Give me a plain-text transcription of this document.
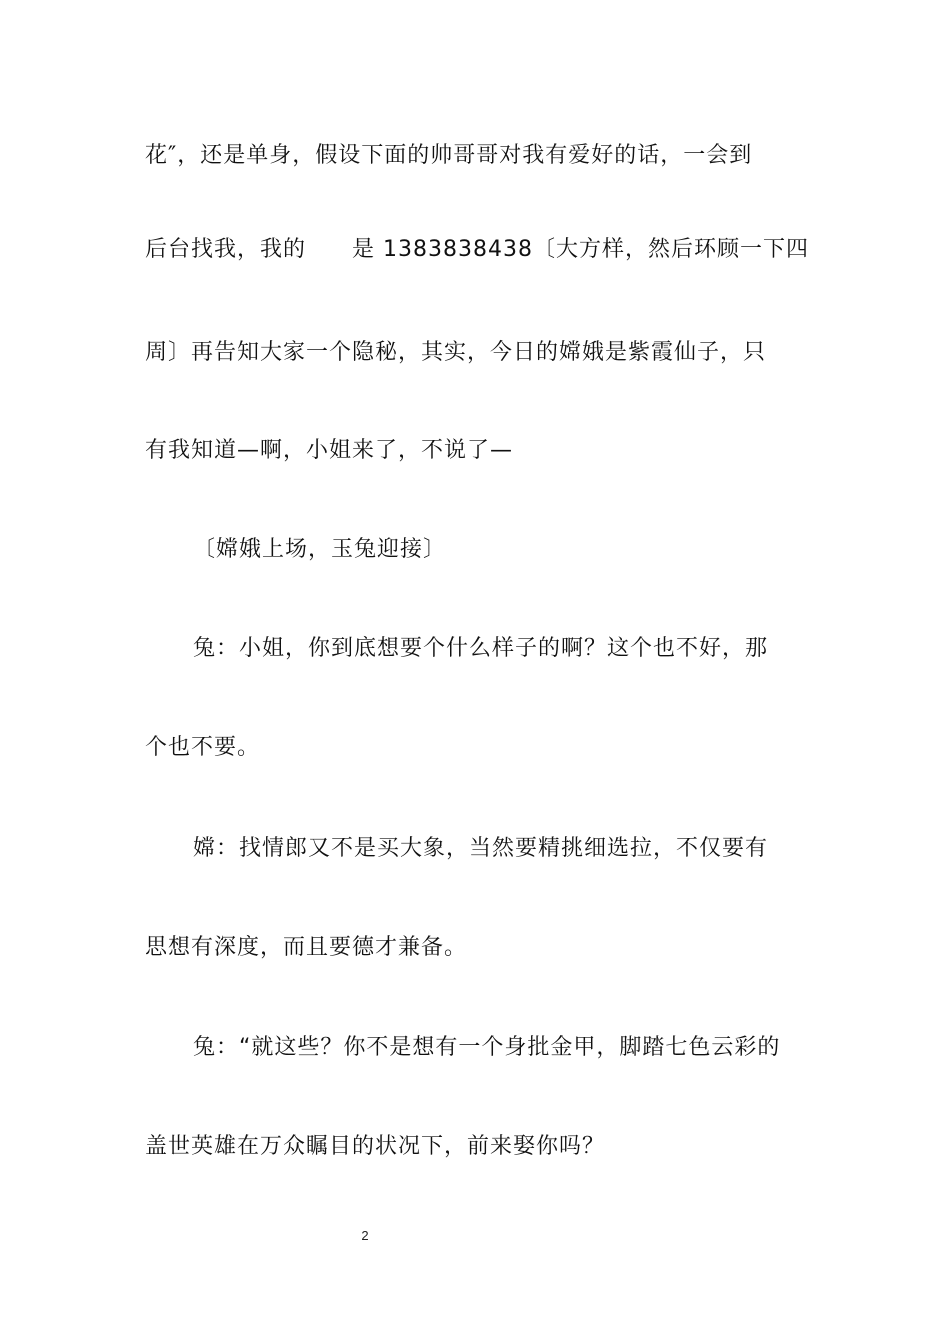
花″，还是单身，假设下面的帅哥哥对我有爱好的话，一会到
后台找我，我的　　是 1383838438〔大方样，然后环顾一下四
周〕再告知大家一个隐秘，其实，今日的嫦娥是紫霞仙子，只
有我知道—啊，小姐来了，不说了—
〔嫦娥上场，玉兔迎接〕
兔：小姐，你到底想要个什么样子的啊？这个也不好，那
个也不要。
嫦：找情郎又不是买大象，当然要精挑细选拉，不仅要有
思想有深度，而且要德才兼备。
兔：“就这些？你不是想有一个身批金甲，脚踏七色云彩的
盖世英雄在万众瞩目的状况下，前来娶你吗？
2
